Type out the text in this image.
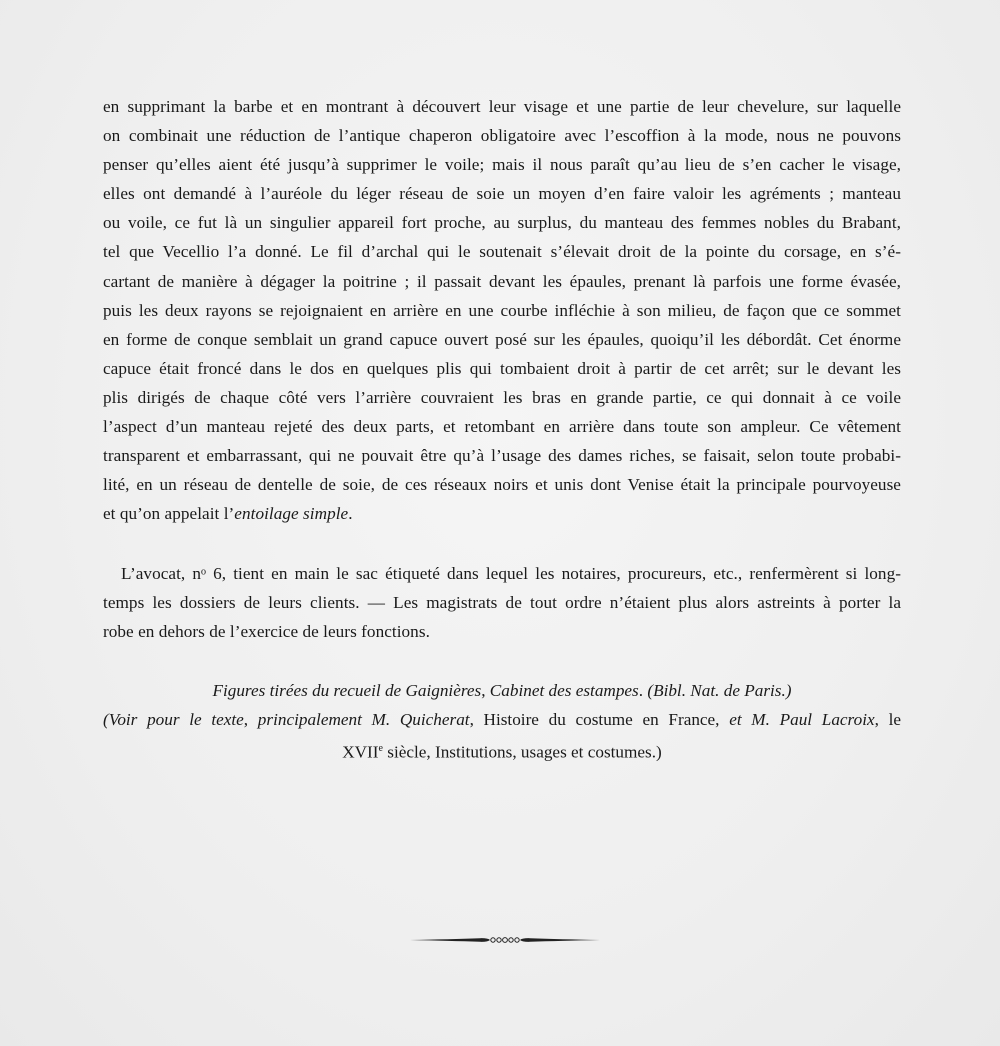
en supprimant la barbe et en montrant à découvert leur visage et une partie de leur chevelure, sur laquelle
on combinait une réduction de l’antique chaperon obligatoire avec l’escoffion à la mode, nous ne pouvons
penser qu’elles aient été jusqu’à supprimer le voile; mais il nous paraît qu’au lieu de s’en cacher le visage,
elles ont demandé à l’auréole du léger réseau de soie un moyen d’en faire valoir les agréments ; manteau
ou voile, ce fut là un singulier appareil fort proche, au surplus, du manteau des femmes nobles du Brabant,
tel que Vecellio l’a donné. Le fil d’archal qui le soutenait s’élevait droit de la pointe du corsage, en s’é-
cartant de manière à dégager la poitrine ; il passait devant les épaules, prenant là parfois une forme évasée,
puis les deux rayons se rejoignaient en arrière en une courbe infléchie à son milieu, de façon que ce sommet
en forme de conque semblait un grand capuce ouvert posé sur les épaules, quoiqu’il les débordât. Cet énorme
capuce était froncé dans le dos en quelques plis qui tombaient droit à partir de cet arrêt; sur le devant les
plis dirigés de chaque côté vers l’arrière couvraient les bras en grande partie, ce qui donnait à ce voile
l’aspect d’un manteau rejeté des deux parts, et retombant en arrière dans toute son ampleur. Ce vêtement
transparent et embarrassant, qui ne pouvait être qu’à l’usage des dames riches, se faisait, selon toute probabi-
lité, en un réseau de dentelle de soie, de ces réseaux noirs et unis dont Venise était la principale pourvoyeuse
et qu’on appelait l’entoilage simple.
L’avocat, nᵒ 6, tient en main le sac étiqueté dans lequel les notaires, procureurs, etc., renfermèrent si long-
temps les dossiers de leurs clients. — Les magistrats de tout ordre n’étaient plus alors astreints à porter la
robe en dehors de l’exercice de leurs fonctions.
Figures tirées du recueil de Gaignières, Cabinet des estampes. (Bibl. Nat. de Paris.)
(Voir pour le texte, principalement M. Quicherat, Histoire du costume en France, et M. Paul Lacroix, le
XVIIe siècle, Institutions, usages et costumes.)
